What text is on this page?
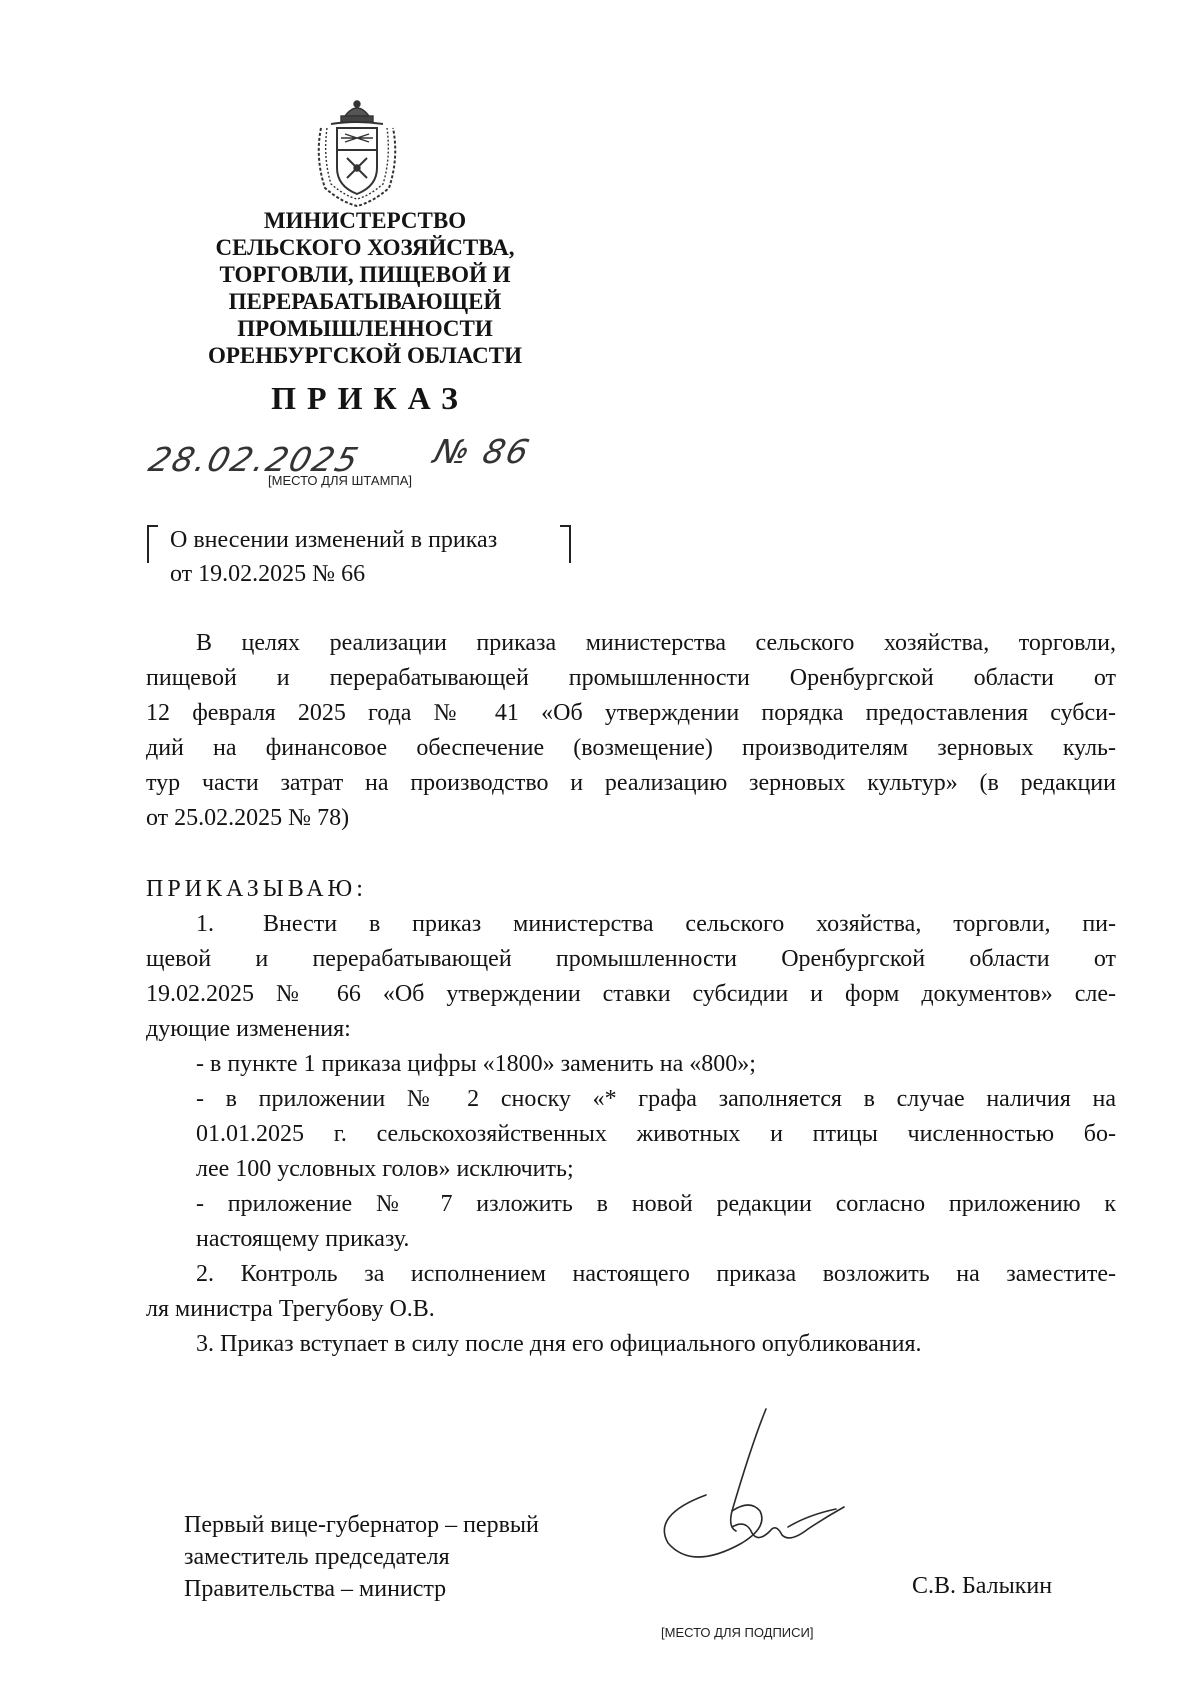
МИНИСТЕРСТВО
СЕЛЬСКОГО ХОЗЯЙСТВА,
ТОРГОВЛИ, ПИЩЕВОЙ И
ПЕРЕРАБАТЫВАЮЩЕЙ
ПРОМЫШЛЕННОСТИ
ОРЕНБУРГСКОЙ ОБЛАСТИ
ПРИКАЗ
28.02.2025 № 86
[МЕСТО ДЛЯ ШТАМПА]
О внесении изменений в приказ
от 19.02.2025 № 66
В целях реализации приказа министерства сельского хозяйства, торговли,
пищевой и перерабатывающей промышленности Оренбургской области от
12 февраля 2025 года № 41 «Об утверждении порядка предоставления субси-
дий на финансовое обеспечение (возмещение) производителям зерновых куль-
тур части затрат на производство и реализацию зерновых культур» (в редакции
от 25.02.2025 № 78)
ПРИКАЗЫВАЮ:
1. Внести в приказ министерства сельского хозяйства, торговли, пи-
щевой и перерабатывающей промышленности Оренбургской области от
19.02.2025 № 66 «Об утверждении ставки субсидии и форм документов» сле-
дующие изменения:
- в пункте 1 приказа цифры «1800» заменить на «800»;
- в приложении № 2 сноску «* графа заполняется в случае наличия на
01.01.2025 г. сельскохозяйственных животных и птицы численностью бо-
лее 100 условных голов» исключить;
- приложение № 7 изложить в новой редакции согласно приложению к
настоящему приказу.
2. Контроль за исполнением настоящего приказа возложить на заместите-
ля министра Трегубову О.В.
3. Приказ вступает в силу после дня его официального опубликования.
Первый вице-губернатор – первый
заместитель председателя
Правительства – министр	С.В. Балыкин
[МЕСТО ДЛЯ ПОДПИСИ]
